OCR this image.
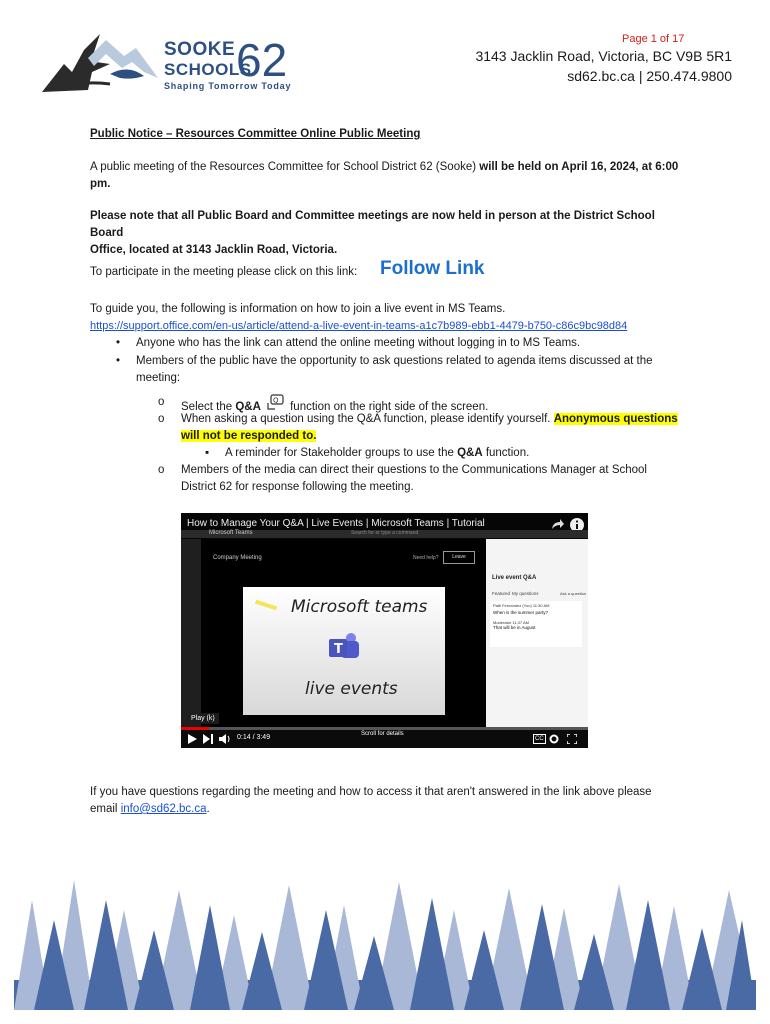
Page 1 of 17
SOOKE
SCHOOLS
62
Shaping Tomorrow Today
3143 Jacklin Road, Victoria, BC V9B 5R1
sd62.bc.ca | 250.474.9800
Public Notice – Resources Committee Online Public Meeting
A public meeting of the Resources Committee for School District 62 (Sooke) will be held on April 16, 2024, at 6:00
pm.
Please note that all Public Board and Committee meetings are now held in person at the District School Board
Office, located at 3143 Jacklin Road, Victoria.
To participate in the meeting please click on this link:	Follow Link
To guide you, the following is information on how to join a live event in MS Teams.
https://support.office.com/en-us/article/attend-a-live-event-in-teams-a1c7b989-ebb1-4479-b750-c86c9bc98d84
• Anyone who has the link can attend the online meeting without logging in to MS Teams.
• Members of the public have the opportunity to ask questions related to agenda items discussed at the
meeting:
o Select the Q&A
Q
function on the right side of the screen.
o When asking a question using the Q&A function, please identify yourself. Anonymous questions
will not be responded to.
▪ A reminder for Stakeholder groups to use the Q&A function.
o Members of the media can direct their questions to the Communications Manager at School
District 62 for response following the meeting.
How to Manage Your Q&A | Live Events | Microsoft Teams | Tutorial
Microsoft Teams	Search for or type a command
Company Meeting	Need help?	Leave
Microsoft teams
T
live events
Live event Q&A
Featured My questions	Ask a question
Patti Fernandez (You) 11:30 AM
When is the summer party?
Moderator 11:37 AM
That will be in August
Play (k)
0:14 / 3:49	Scroll for details
CC
If you have questions regarding the meeting and how to access it that aren't answered in the link above please
email info@sd62.bc.ca.
